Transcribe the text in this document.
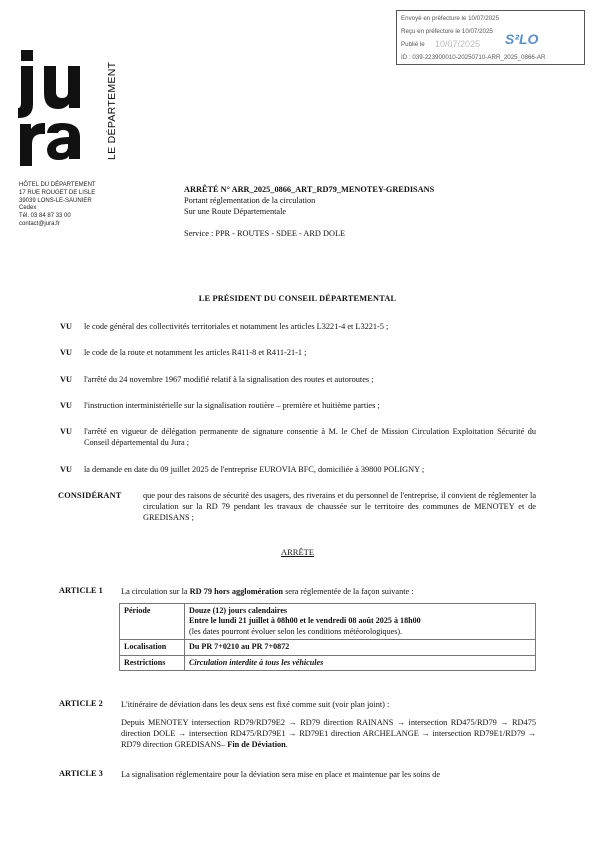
Envoyé en préfecture le 10/07/2025
Reçu en préfecture le 10/07/2025
Publié le 10/07/2025 S²LO
ID : 039-223900010-20250710-ARR_2025_0866-AR
LE DÉPARTEMENT
HÔTEL DU DÉPARTEMENT
17 RUE ROUGET DE LISLE
39039 LONS-LE-SAUNIER
Cedex
Tél. 03 84 87 33 00
contact@jura.fr
ARRÊTÉ N° ARR_2025_0866_ART_RD79_MENOTEY-GREDISANS
Portant réglementation de la circulation
Sur une Route Départementale
Service : PPR - ROUTES - SDEE - ARD DOLE
LE PRÉSIDENT DU CONSEIL DÉPARTEMENTAL
VU le code général des collectivités territoriales et notamment les articles L3221-4 et L3221-5 ;
VU le code de la route et notamment les articles R411-8 et R411-21-1 ;
VU l'arrêté du 24 novembre 1967 modifié relatif à la signalisation des routes et autoroutes ;
VU l'instruction interministérielle sur la signalisation routière – première et huitième parties ;
VU l'arrêté en vigueur de délégation permanente de signature consentie à M. le Chef de Mission Circulation Exploitation Sécurité du Conseil départemental du Jura ;
VU la demande en date du 09 juillet 2025 de l'entreprise EUROVIA BFC, domiciliée à 39800 POLIGNY ;
CONSIDÉRANT	que pour des raisons de sécurité des usagers, des riverains et du personnel de l'entreprise, il convient de réglementer la circulation sur la RD 79 pendant les travaux de chaussée sur le territoire des communes de MENOTEY et de GREDISANS ;
ARRÊTE
ARTICLE 1 La circulation sur la RD 79 hors agglomération sera réglementée de la façon suivante :
Période	Douze (12) jours calendaires
Entre le lundi 21 juillet à 08h00 et le vendredi 08 août 2025 à 18h00
(les dates pourront évoluer selon les conditions météorologiques).

Localisation	Du PR 7+0210 au PR 7+0872
Restrictions	Circulation interdite à tous les véhicules
ARTICLE 2 L'itinéraire de déviation dans les deux sens est fixé comme suit (voir plan joint) :
Depuis MENOTEY intersection RD79/RD79E2 → RD79 direction RAINANS → intersection RD475/RD79 → RD475 direction DOLE → intersection RD475/RD79E1 → RD79E1 direction ARCHELANGE → intersection RD79E1/RD79 → RD79 direction GREDISANS– Fin de Déviation.
ARTICLE 3 La signalisation réglementaire pour la déviation sera mise en place et maintenue par les soins de
